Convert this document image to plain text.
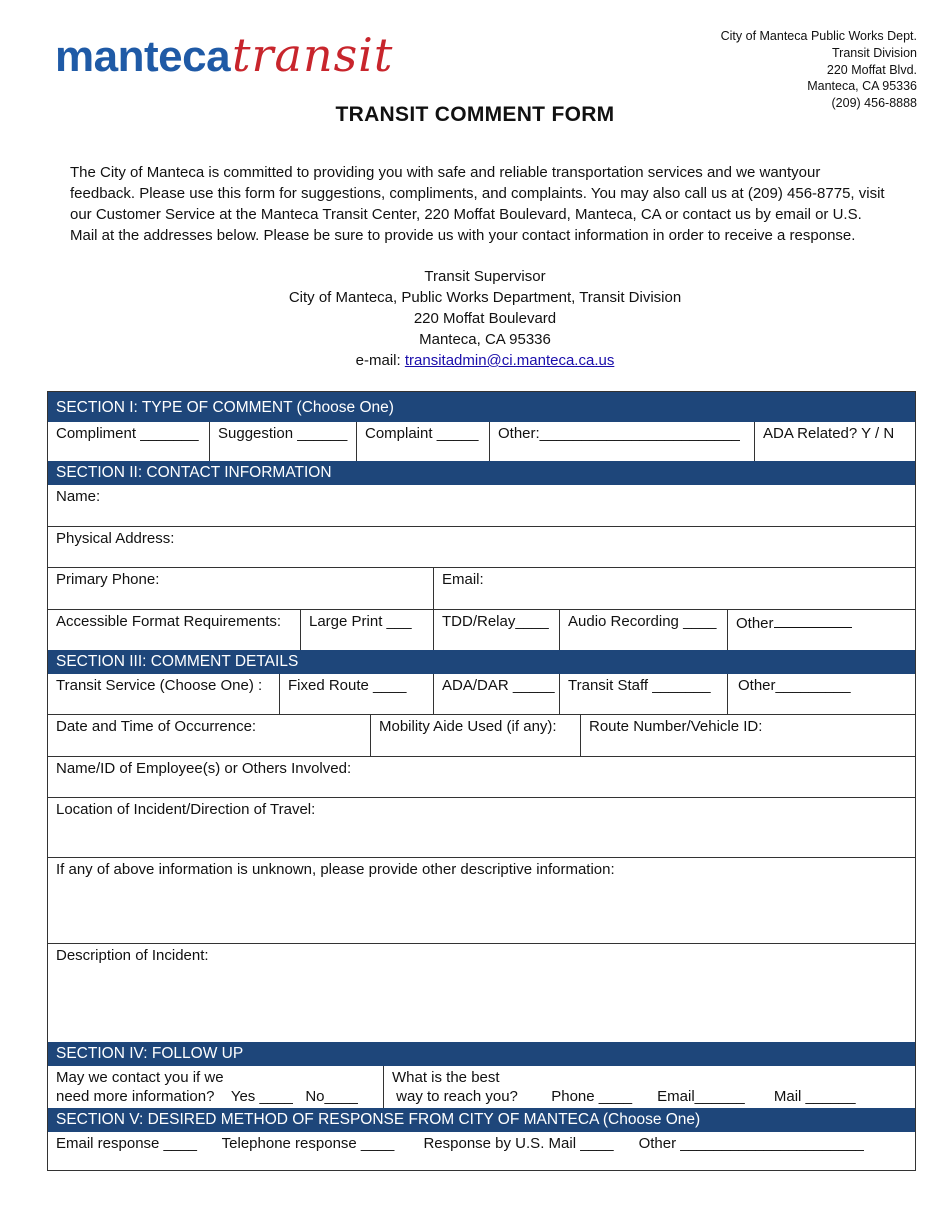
mantecatransit	City of Manteca Public Works Dept.
Transit Division
220 Moffat Blvd.
Manteca, CA 95336
(209) 456-8888
TRANSIT COMMENT FORM
The City of Manteca is committed to providing you with safe and reliable transportation services and we wantyour feedback. Please use this form for suggestions, compliments, and complaints. You may also call us at (209) 456-8775, visit our Customer Service at the Manteca Transit Center, 220 Moffat Boulevard, Manteca, CA or contact us by email or U.S. Mail at the addresses below. Please be sure to provide us with your contact information in order to receive a response.
Transit Supervisor
City of Manteca, Public Works Department, Transit Division
220 Moffat Boulevard
Manteca, CA 95336
e-mail: transitadmin@ci.manteca.ca.us
SECTION I: TYPE OF COMMENT (Choose One)
Compliment _______	Suggestion ______	Complaint _____	Other:________________________	ADA Related? Y / N
SECTION II: CONTACT INFORMATION
Name:
Physical Address:
Primary Phone:	Email:
Accessible Format Requirements:	Large Print ___	TDD/Relay____	Audio Recording ____	Other
SECTION III: COMMENT DETAILS
Transit Service (Choose One) :	Fixed Route ____	ADA/DAR _____ Transit Staff _______	Other_________
Date and Time of Occurrence:	Mobility Aide Used (if any):	Route Number/Vehicle ID:
Name/ID of Employee(s) or Others Involved:
Location of Incident/Direction of Travel:
If any of above information is unknown, please provide other descriptive information:
Description of Incident:
SECTION IV: FOLLOW UP
May we contact you if we
need more information?    Yes ____   No____
What is the best
way to reach you?        Phone ____      Email______       Mail ______
SECTION V: DESIRED METHOD OF RESPONSE FROM CITY OF MANTECA (Choose One)
Email response ____      Telephone response ____       Response by U.S. Mail ____      Other ______________________
